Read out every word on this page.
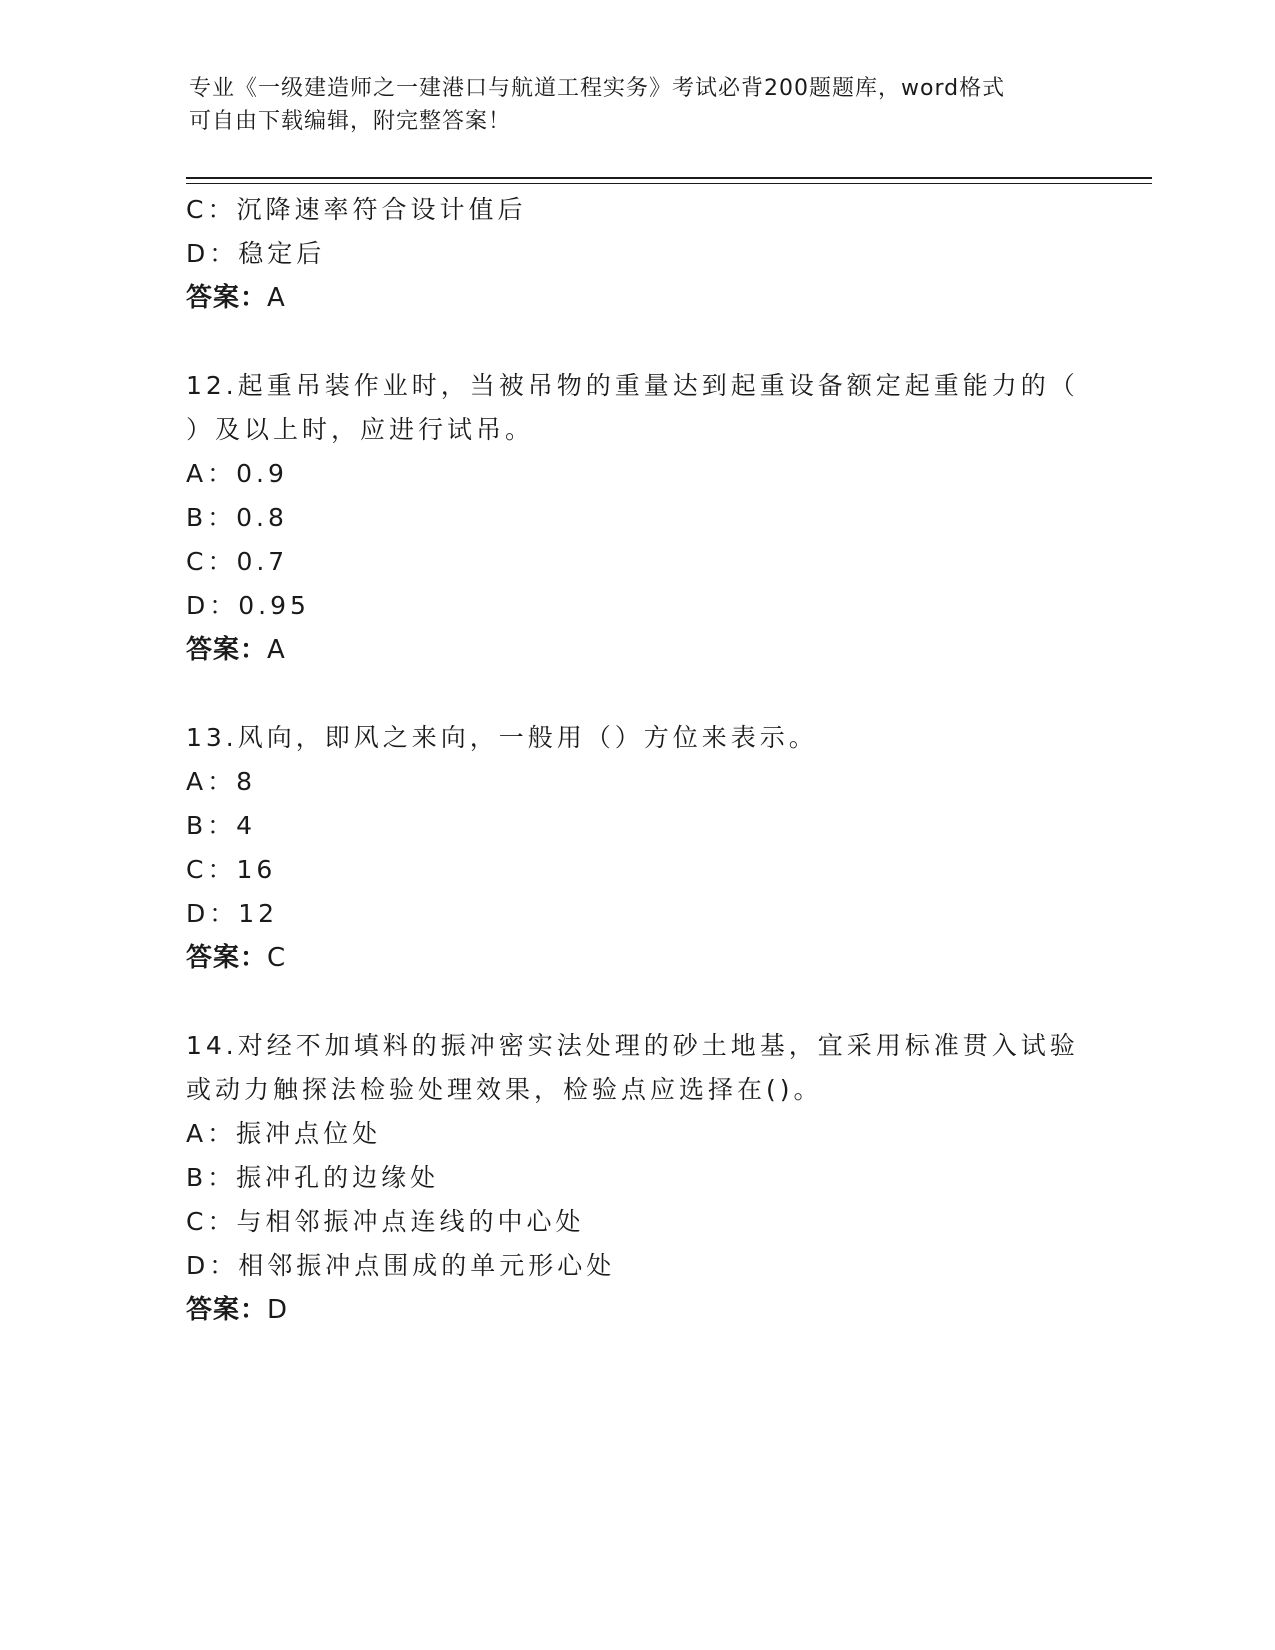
专业《一级建造师之一建港口与航道工程实务》考试必背200题题库，word格式
可自由下载编辑，附完整答案！
C：沉降速率符合设计值后
D：稳定后
答案：A
12.起重吊装作业时，当被吊物的重量达到起重设备额定起重能力的（
）及以上时，应进行试吊。
A：0.9
B：0.8
C：0.7
D：0.95
答案：A
13.风向，即风之来向，一般用（）方位来表示。
A：8
B：4
C：16
D：12
答案：C
14.对经不加填料的振冲密实法处理的砂土地基，宜采用标准贯入试验
或动力触探法检验处理效果，检验点应选择在()。
A：振冲点位处
B：振冲孔的边缘处
C：与相邻振冲点连线的中心处
D：相邻振冲点围成的单元形心处
答案：D
